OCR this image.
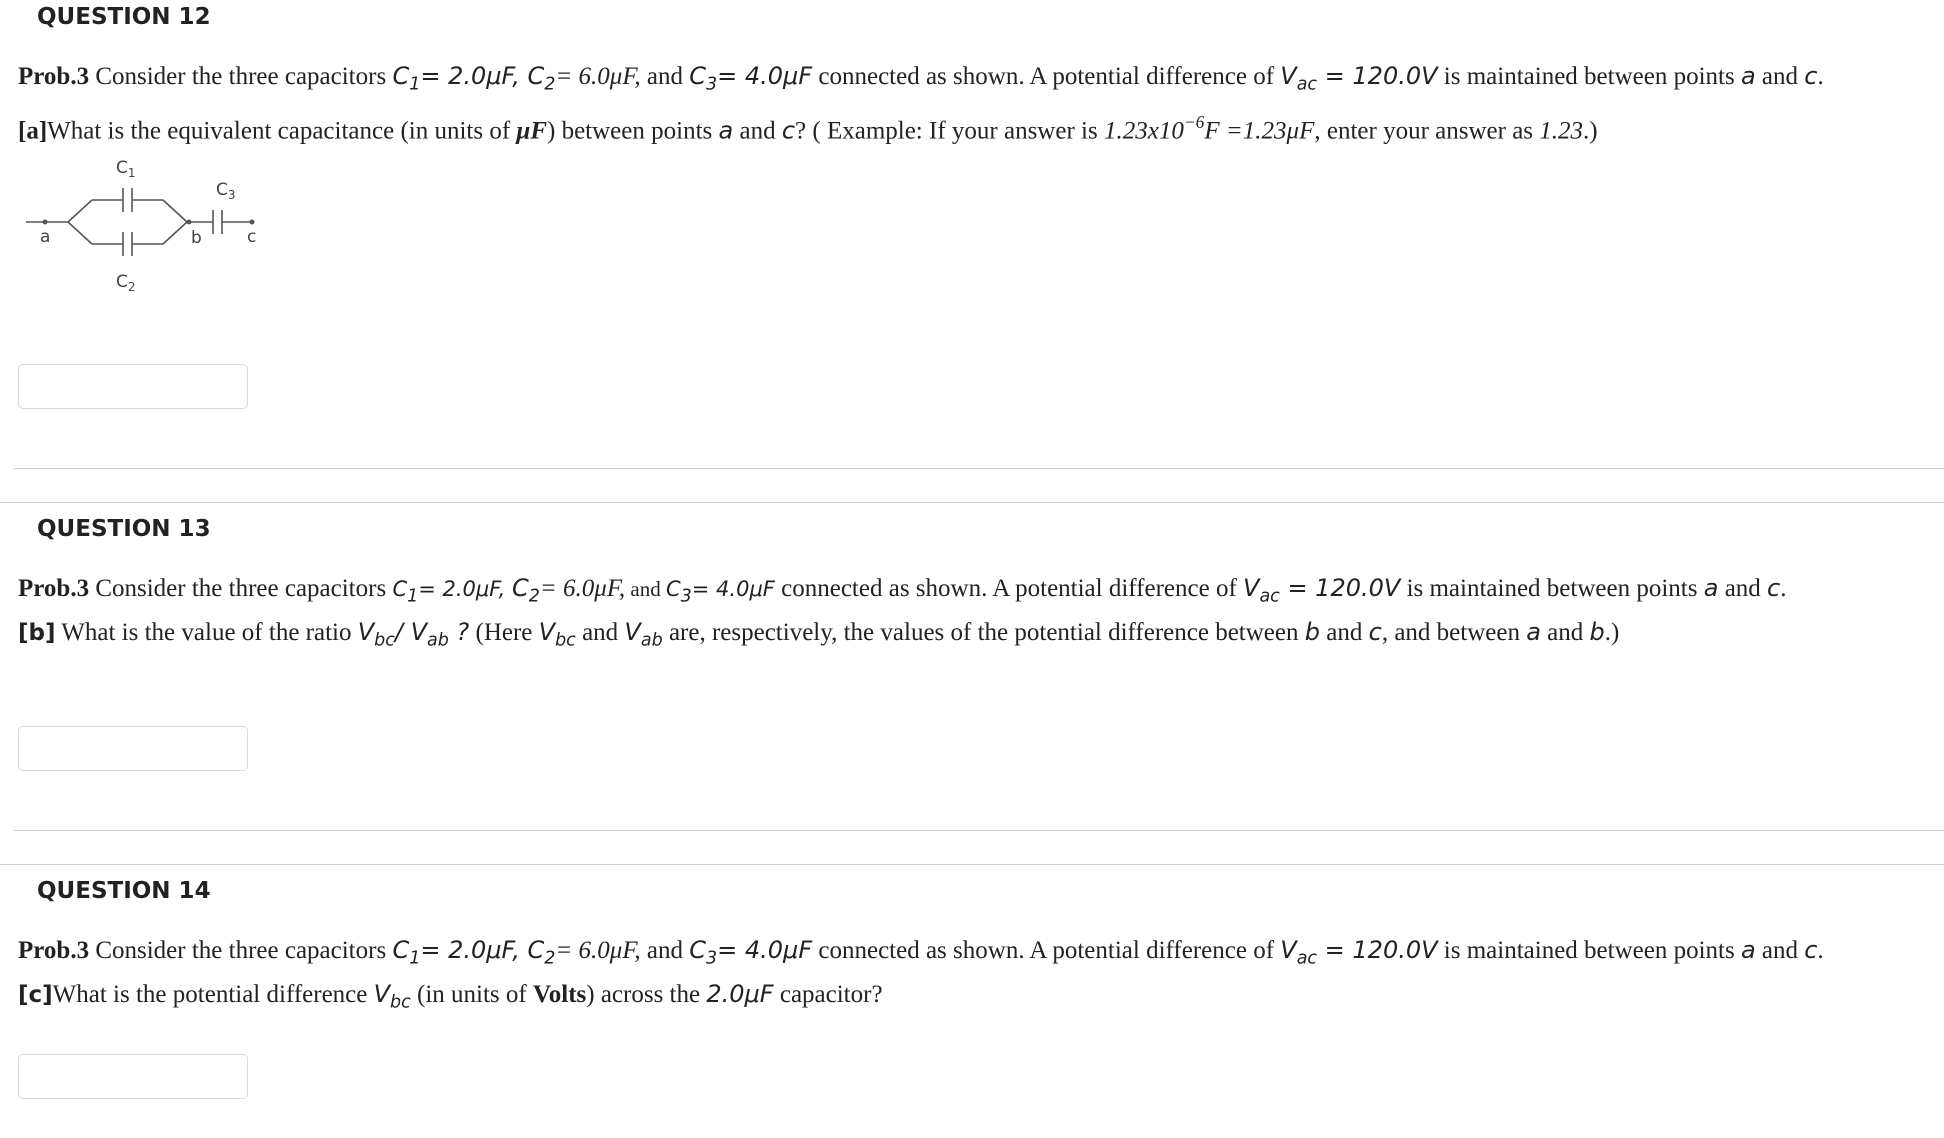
QUESTION 12
Prob.3 Consider the three capacitors $C_1= 2.0\mu F$, $C_2= 6.0\mu F$, and $C_3= 4.0\mu F$ connected as shown. A potential difference of $V_{ac} = 120.0V$ is maintained between points a and c.
[a]What is the equivalent capacitance (in units of μF) between points a and c? ( Example: If your answer is $1.23x10^{-6}F =1.23\mu F$, enter your answer as 1.23.)
$C_1$
$C_2$
$C_3$
a	b	c
QUESTION 13
Prob.3 Consider the three capacitors $C_1= 2.0\mu F$, $C_2= 6.0\mu F$, and $C_3= 4.0\mu F$ connected as shown. A potential difference of $V_{ac} = 120.0V$ is maintained between points a and c.
[b] What is the value of the ratio $V_{bc}/$ $V_{ab}$ ? (Here $V_{bc}$ and $V_{ab}$ are, respectively, the values of the potential difference between b and c, and between a and b.)
QUESTION 14
Prob.3 Consider the three capacitors $C_1= 2.0\mu F$, $C_2= 6.0\mu F$, and $C_3= 4.0\mu F$ connected as shown. A potential difference of $V_{ac} = 120.0V$ is maintained between points a and c.
[c]What is the potential difference $V_{bc}$ (in units of Volts) across the 2.0μF capacitor?
